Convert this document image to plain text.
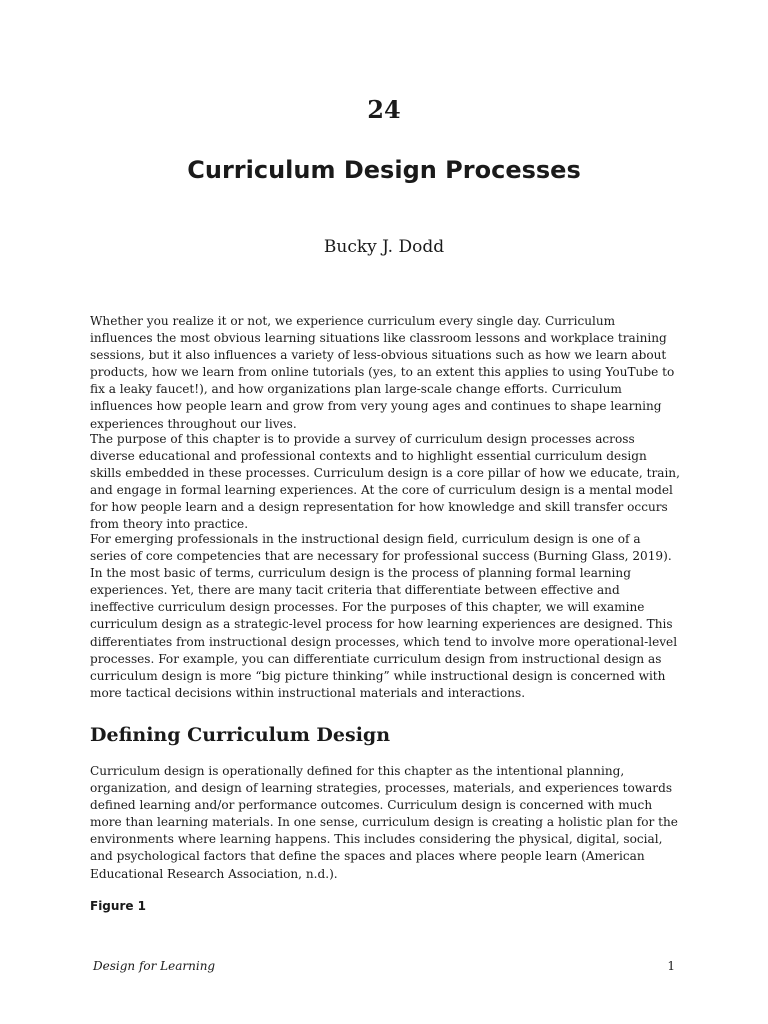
24
Curriculum Design Processes

Bucky J. Dodd

Whether you realize it or not, we experience curriculum every single day. Curriculum influences the most obvious learning situations like classroom lessons and workplace training sessions, but it also influences a variety of less-obvious situations such as how we learn about products, how we learn from online tutorials (yes, to an extent this applies to using YouTube to fix a leaky faucet!), and how organizations plan large-scale change efforts. Curriculum influences how people learn and grow from very young ages and continues to shape learning experiences throughout our lives.

The purpose of this chapter is to provide a survey of curriculum design processes across diverse educational and professional contexts and to highlight essential curriculum design skills embedded in these processes. Curriculum design is a core pillar of how we educate, train, and engage in formal learning experiences. At the core of curriculum design is a mental model for how people learn and a design representation for how knowledge and skill transfer occurs from theory into practice.

For emerging professionals in the instructional design field, curriculum design is one of a series of core competencies that are necessary for professional success (Burning Glass, 2019). In the most basic of terms, curriculum design is the process of planning formal learning experiences. Yet, there are many tacit criteria that differentiate between effective and ineffective curriculum design processes. For the purposes of this chapter, we will examine curriculum design as a strategic-level process for how learning experiences are designed. This differentiates from instructional design processes, which tend to involve more operational-level processes. For example, you can differentiate curriculum design from instructional design as curriculum design is more “big picture thinking” while instructional design is concerned with more tactical decisions within instructional materials and interactions.

Defining Curriculum Design

Curriculum design is operationally defined for this chapter as the intentional planning, organization, and design of learning strategies, processes, materials, and experiences towards defined learning and/or performance outcomes. Curriculum design is concerned with much more than learning materials. In one sense, curriculum design is creating a holistic plan for the environments where learning happens. This includes considering the physical, digital, social, and psychological factors that define the spaces and places where people learn (American Educational Research Association, n.d.).

Figure 1

Design for Learning	1
